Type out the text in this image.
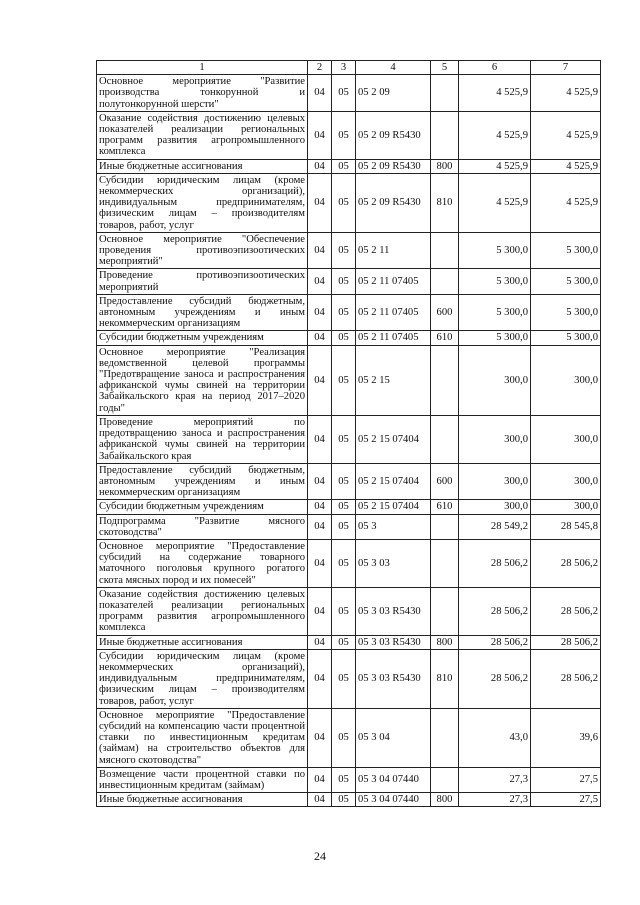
1	2	3	4	5	6	7
Основное мероприятие "Развитие производства тонкорунной и полутонкорунной шерсти"	04	05	05 2 09		4 525,9	4 525,9
Оказание содействия достижению целевых показателей реализации региональных программ развития агропромышленного комплекса	04	05	05 2 09 R5430		4 525,9	4 525,9
Иные бюджетные ассигнования	04	05	05 2 09 R5430	800	4 525,9	4 525,9
Субсидии юридическим лицам (кроме некоммерческих организаций), индивидуальным предпринимателям, физическим лицам – производителям товаров, работ, услуг	04	05	05 2 09 R5430	810	4 525,9	4 525,9
Основное мероприятие "Обеспечение проведения противоэпизоотических мероприятий"	04	05	05 2 11		5 300,0	5 300,0
Проведение противоэпизоотических мероприятий	04	05	05 2 11 07405		5 300,0	5 300,0
Предоставление субсидий бюджетным, автономным учреждениям и иным некоммерческим организациям	04	05	05 2 11 07405	600	5 300,0	5 300,0
Субсидии бюджетным учреждениям	04	05	05 2 11 07405	610	5 300,0	5 300,0
Основное мероприятие "Реализация ведомственной целевой программы "Предотвращение заноса и распространения африканской чумы свиней на территории Забайкальского края на период 2017–2020 годы"	04	05	05 2 15		300,0	300,0
Проведение мероприятий по предотвращению заноса и распространения африканской чумы свиней на территории Забайкальского края	04	05	05 2 15 07404		300,0	300,0
Предоставление субсидий бюджетным, автономным учреждениям и иным некоммерческим организациям	04	05	05 2 15 07404	600	300,0	300,0
Субсидии бюджетным учреждениям	04	05	05 2 15 07404	610	300,0	300,0
Подпрограмма "Развитие мясного скотоводства"	04	05	05 3		28 549,2	28 545,8
Основное мероприятие "Предоставление субсидий на содержание товарного маточного поголовья крупного рогатого скота мясных пород и их помесей"	04	05	05 3 03		28 506,2	28 506,2
Оказание содействия достижению целевых показателей реализации региональных программ развития агропромышленного комплекса	04	05	05 3 03 R5430		28 506,2	28 506,2
Иные бюджетные ассигнования	04	05	05 3 03 R5430	800	28 506,2	28 506,2
Субсидии юридическим лицам (кроме некоммерческих организаций), индивидуальным предпринимателям, физическим лицам – производителям товаров, работ, услуг	04	05	05 3 03 R5430	810	28 506,2	28 506,2
Основное мероприятие "Предоставление субсидий на компенсацию части процентной ставки по инвестиционным кредитам (займам) на строительство объектов для мясного скотоводства"	04	05	05 3 04		43,0	39,6
Возмещение части процентной ставки по инвестиционным кредитам (займам)	04	05	05 3 04 07440		27,3	27,5
Иные бюджетные ассигнования	04	05	05 3 04 07440	800	27,3	27,5
24
